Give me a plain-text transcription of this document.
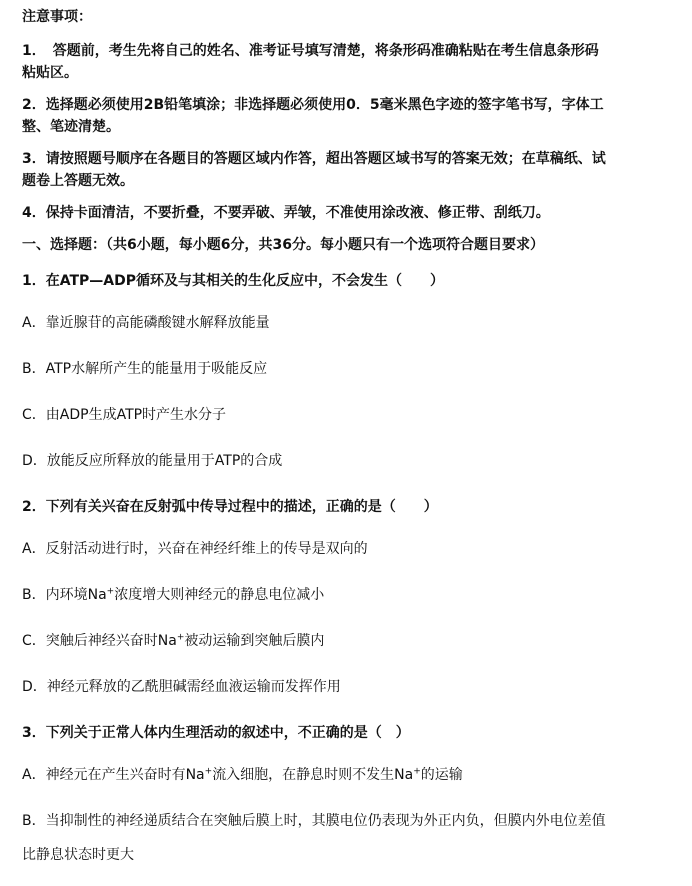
注意事项：
1．　答题前，考生先将自己的姓名、准考证号填写清楚，将条形码准确粘贴在考生信息条形码
粘贴区。
2．选择题必须使用2B铅笔填涂；非选择题必须使用0．5毫米黑色字迹的签字笔书写，字体工
整、笔迹清楚。
3．请按照题号顺序在各题目的答题区域内作答，超出答题区域书写的答案无效；在草稿纸、试
题卷上答题无效。
4．保持卡面清洁，不要折叠，不要弄破、弄皱，不准使用涂改液、修正带、刮纸刀。
一、选择题：（共6小题，每小题6分，共36分。每小题只有一个选项符合题目要求）
1．在ATP—ADP循环及与其相关的生化反应中，不会发生（　　）
A．靠近腺苷的高能磷酸键水解释放能量
B．ATP水解所产生的能量用于吸能反应
C．由ADP生成ATP时产生水分子
D．放能反应所释放的能量用于ATP的合成
2．下列有关兴奋在反射弧中传导过程中的描述，正确的是（　　）
A．反射活动进行时，兴奋在神经纤维上的传导是双向的
B．内环境Na+浓度增大则神经元的静息电位减小
C．突触后神经兴奋时Na+被动运输到突触后膜内
D．神经元释放的乙酰胆碱需经血液运输而发挥作用
3．下列关于正常人体内生理活动的叙述中，不正确的是（　）
A．神经元在产生兴奋时有Na+流入细胞，在静息时则不发生Na+的运输
B．当抑制性的神经递质结合在突触后膜上时，其膜电位仍表现为外正内负，但膜内外电位差值
比静息状态时更大
